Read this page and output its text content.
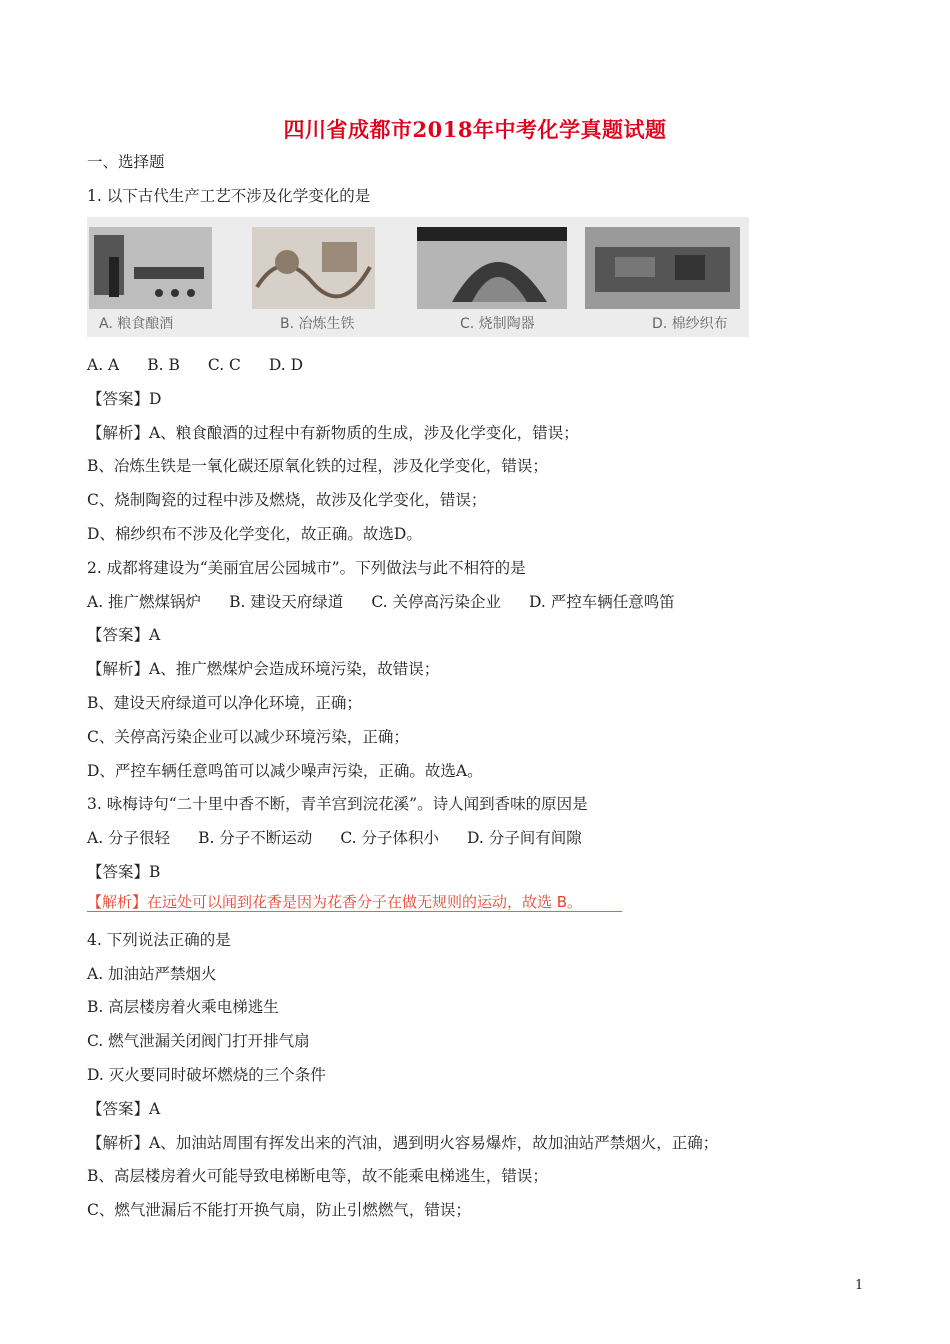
四川省成都市2018年中考化学真题试题
一、选择题
1. 以下古代生产工艺不涉及化学变化的是
A. 粮食酿酒	B. 冶炼生铁	C. 烧制陶器	D. 棉纱织布
A. A B. B C. C D. D
【答案】D
【解析】A、粮食酿酒的过程中有新物质的生成，涉及化学变化，错误；
B、冶炼生铁是一氧化碳还原氧化铁的过程，涉及化学变化，错误；
C、烧制陶瓷的过程中涉及燃烧，故涉及化学变化，错误；
D、棉纱织布不涉及化学变化，故正确。故选D。
2. 成都将建设为“美丽宜居公园城市”。下列做法与此不相符的是
A. 推广燃煤锅炉 B. 建设天府绿道 C. 关停高污染企业 D. 严控车辆任意鸣笛
【答案】A
【解析】A、推广燃煤炉会造成环境污染，故错误；
B、建设天府绿道可以净化环境，正确；
C、关停高污染企业可以减少环境污染，正确；
D、严控车辆任意鸣笛可以减少噪声污染，正确。故选A。
3. 咏梅诗句“二十里中香不断，青羊宫到浣花溪”。诗人闻到香味的原因是
A. 分子很轻 B. 分子不断运动 C. 分子体积小 D. 分子间有间隙
【答案】B
【解析】在远处可以闻到花香是因为花香分子在做无规则的运动，故选 B。
4. 下列说法正确的是
A. 加油站严禁烟火
B. 高层楼房着火乘电梯逃生
C. 燃气泄漏关闭阀门打开排气扇
D. 灭火要同时破坏燃烧的三个条件
【答案】A
【解析】A、加油站周围有挥发出来的汽油，遇到明火容易爆炸，故加油站严禁烟火，正确；
B、高层楼房着火可能导致电梯断电等，故不能乘电梯逃生，错误；
C、燃气泄漏后不能打开换气扇，防止引燃燃气，错误；
1
